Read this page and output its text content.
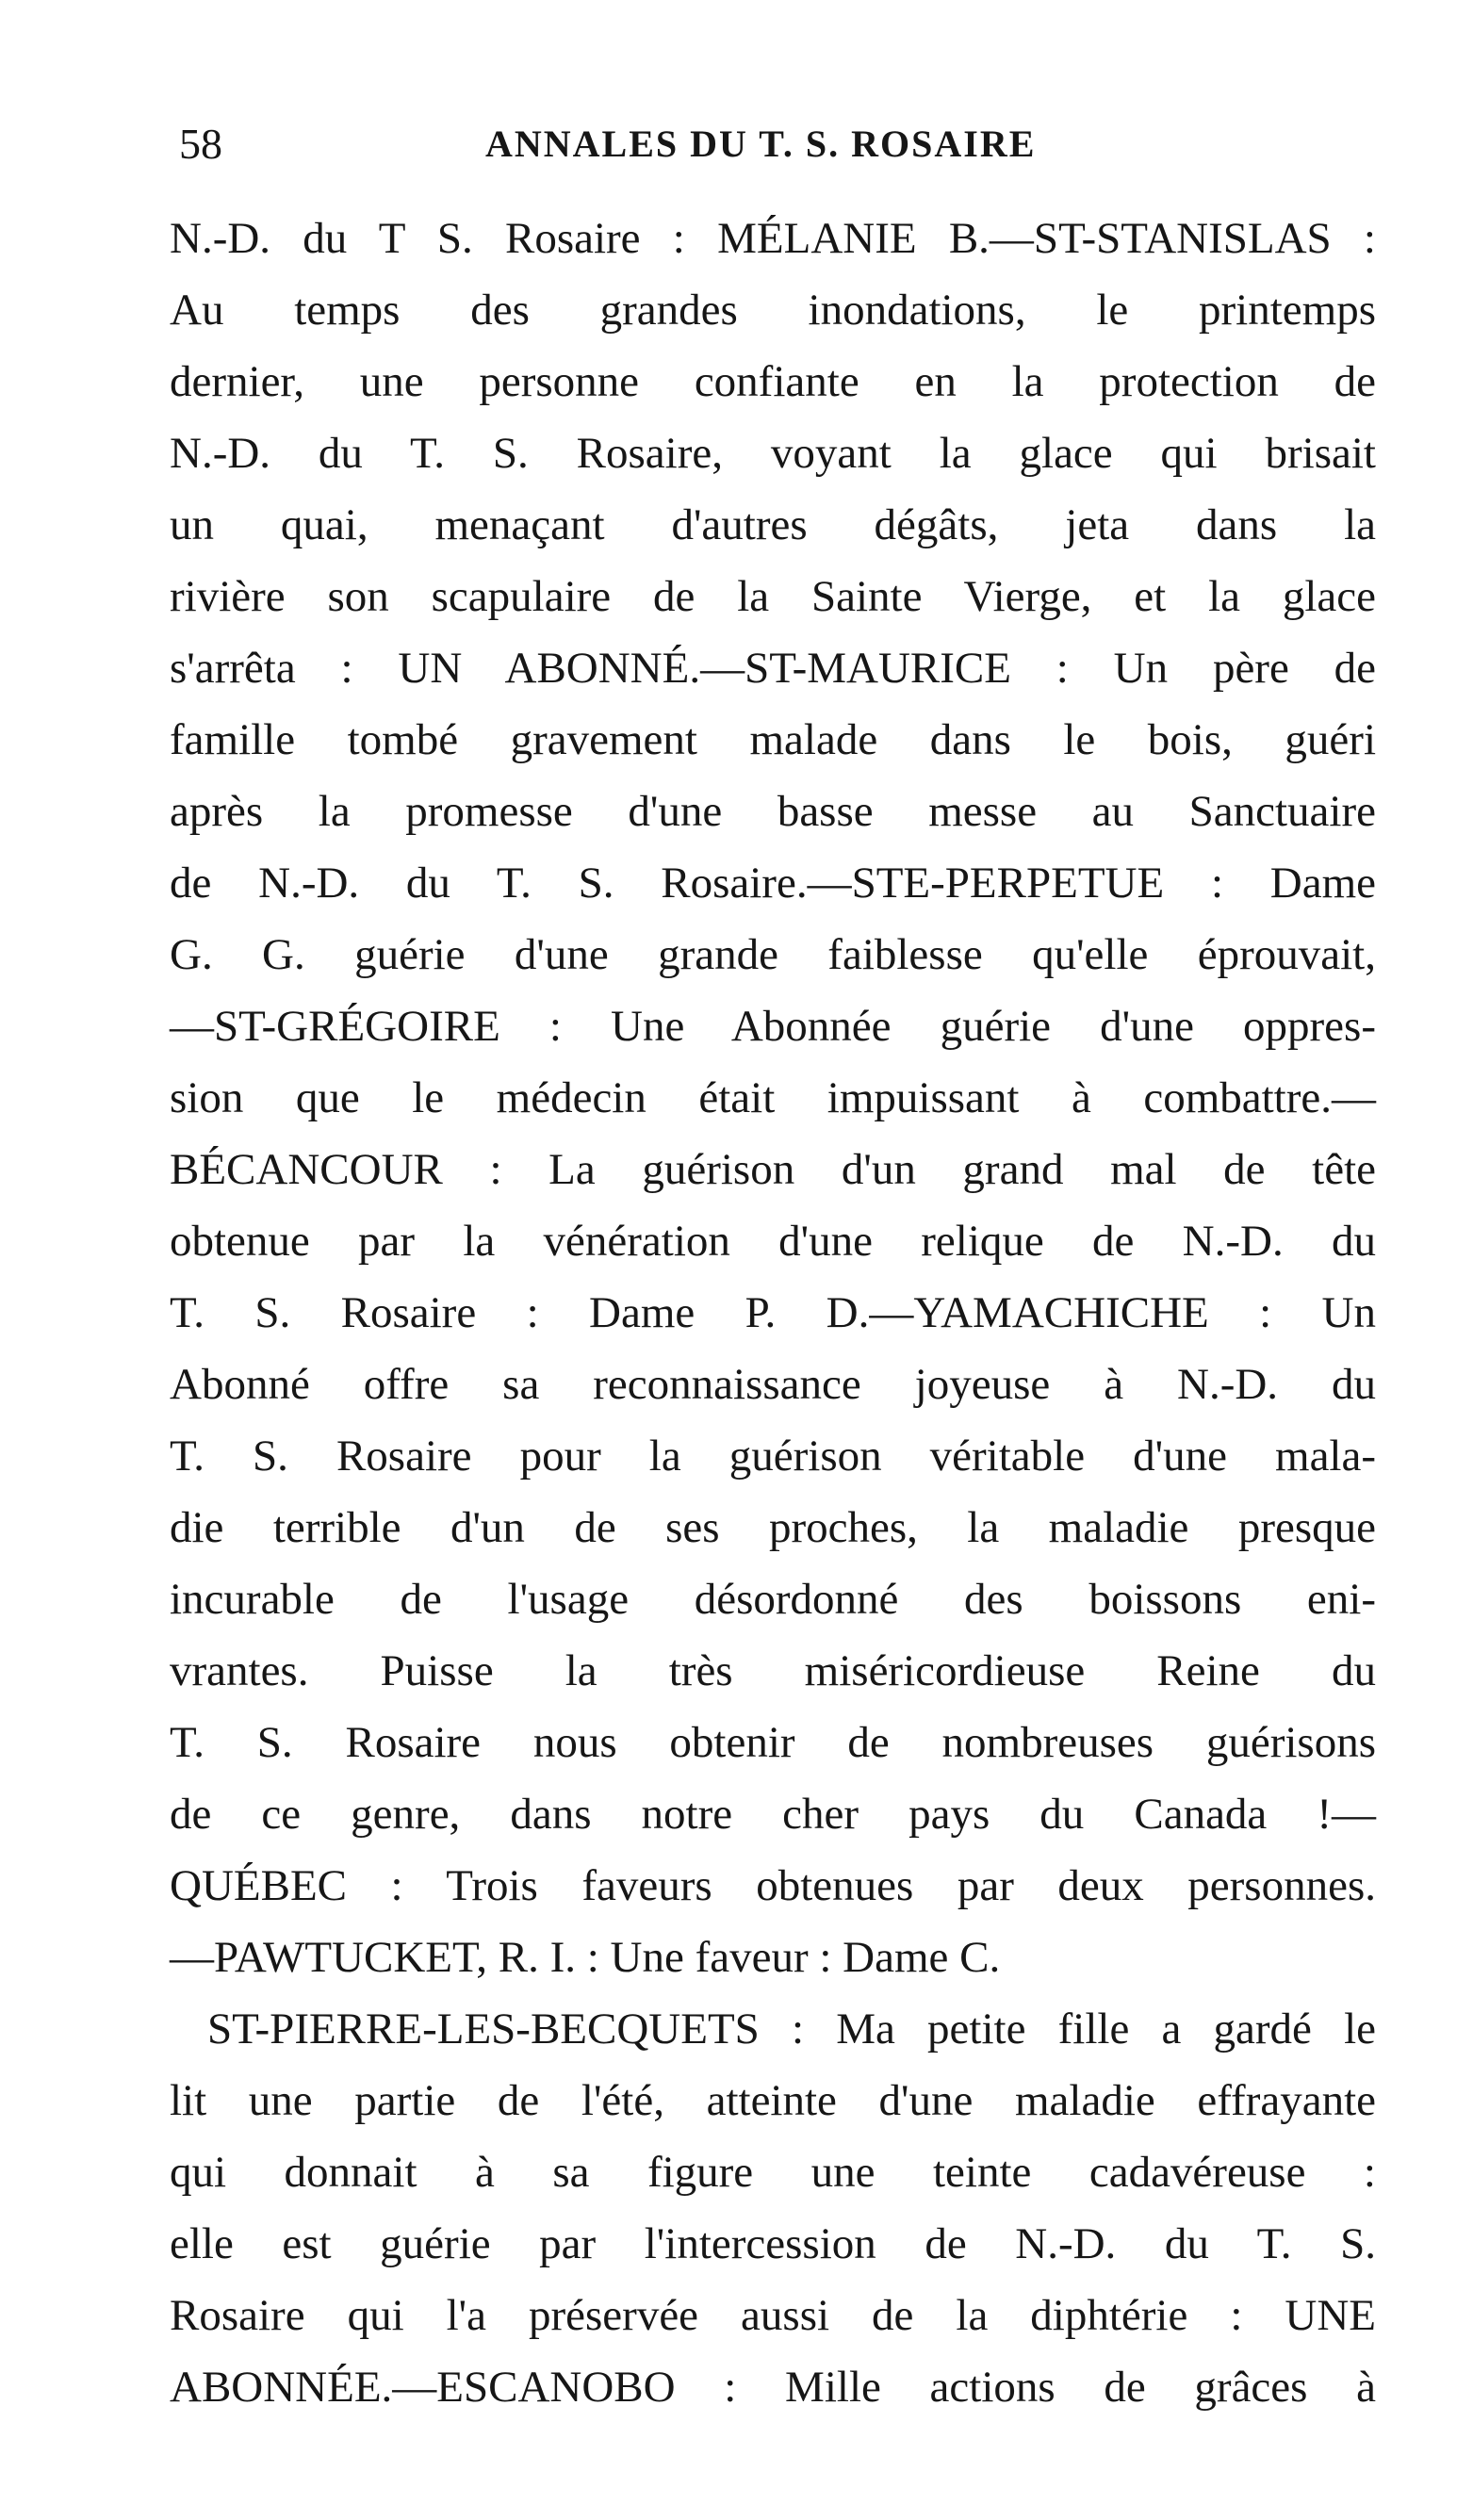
58	ANNALES DU T. S. ROSAIRE
N.-D. du T S. Rosaire : MÉLANIE B.—ST-STANISLAS :
Au temps des grandes inondations, le printemps
dernier, une personne confiante en la protection de
N.-D. du T. S. Rosaire, voyant la glace qui brisait
un quai, menaçant d'autres dégâts, jeta dans la
rivière son scapulaire de la Sainte Vierge, et la glace
s'arrêta : UN ABONNÉ.—ST-MAURICE : Un père de
famille tombé gravement malade dans le bois, guéri
après la promesse d'une basse messe au Sanctuaire
de N.-D. du T. S. Rosaire.—STE-PERPETUE : Dame
G. G. guérie d'une grande faiblesse qu'elle éprouvait,
—ST-GRÉGOIRE : Une Abonnée guérie d'une oppres-
sion que le médecin était impuissant à combattre.—
BÉCANCOUR : La guérison d'un grand mal de tête
obtenue par la vénération d'une relique de N.-D. du
T. S. Rosaire : Dame P. D.—YAMACHICHE : Un
Abonné offre sa reconnaissance joyeuse à N.-D. du
T. S. Rosaire pour la guérison véritable d'une mala-
die terrible d'un de ses proches, la maladie presque
incurable de l'usage désordonné des boissons eni-
vrantes. Puisse la très miséricordieuse Reine du
T. S. Rosaire nous obtenir de nombreuses guérisons
de ce genre, dans notre cher pays du Canada !—
QUÉBEC : Trois faveurs obtenues par deux personnes.
—PAWTUCKET, R. I. : Une faveur : Dame C.
ST-PIERRE-LES-BECQUETS : Ma petite fille a gardé le
lit une partie de l'été, atteinte d'une maladie effrayante
qui donnait à sa figure une teinte cadavéreuse :
elle est guérie par l'intercession de N.-D. du T. S.
Rosaire qui l'a préservée aussi de la diphtérie : UNE
ABONNÉE.—ESCANOBO : Mille actions de grâces à
